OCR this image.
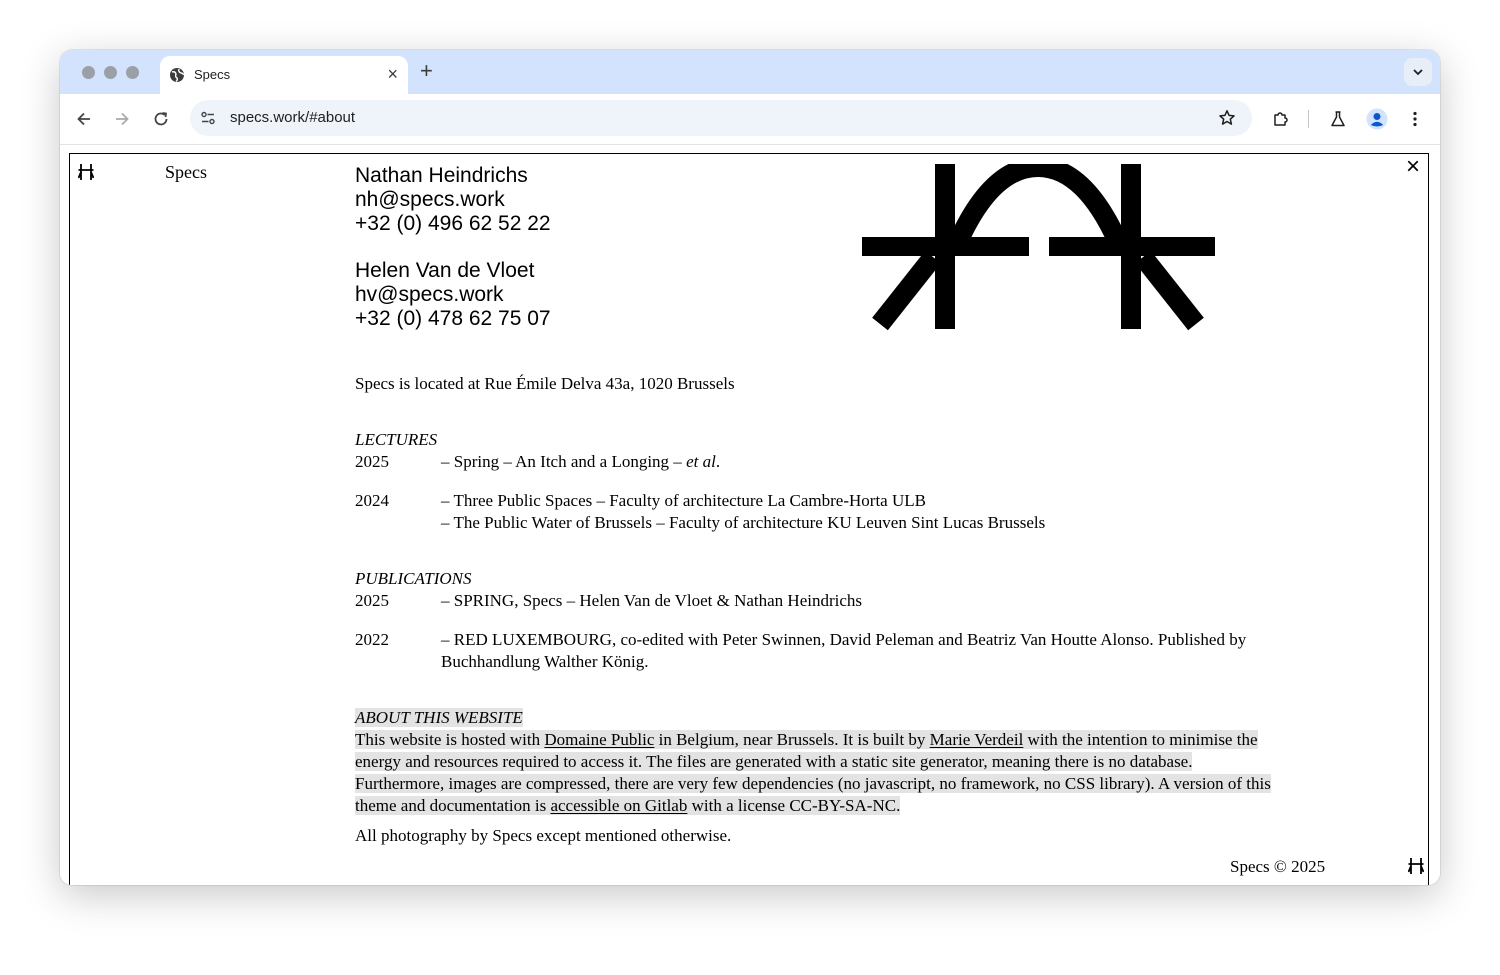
Specs	× +
specs.work/#about
Specs	×
Nathan Heindrichs
nh@specs.work
+32 (0) 496 62 52 22
Helen Van de Vloet
hv@specs.work
+32 (0) 478 62 75 07
Specs is located at Rue Émile Delva 43a, 1020 Brussels
LECTURES
2025	– Spring – An Itch and a Longing – et al.
2024	– Three Public Spaces – Faculty of architecture La Cambre-Horta ULB
– The Public Water of Brussels – Faculty of architecture KU Leuven Sint Lucas Brussels
PUBLICATIONS
2025	– SPRING, Specs – Helen Van de Vloet & Nathan Heindrichs
2022	– RED LUXEMBOURG, co-edited with Peter Swinnen, David Peleman and Beatriz Van Houtte Alonso. Published by
Buchhandlung Walther König.
ABOUT THIS WEBSITE
This website is hosted with Domaine Public in Belgium, near Brussels. It is built by Marie Verdeil with the intention to minimise the
energy and resources required to access it. The files are generated with a static site generator, meaning there is no database.
Furthermore, images are compressed, there are very few dependencies (no javascript, no framework, no CSS library). A version of this
theme and documentation is accessible on Gitlab with a license CC-BY-SA-NC.
All photography by Specs except mentioned otherwise.
Specs © 2025
